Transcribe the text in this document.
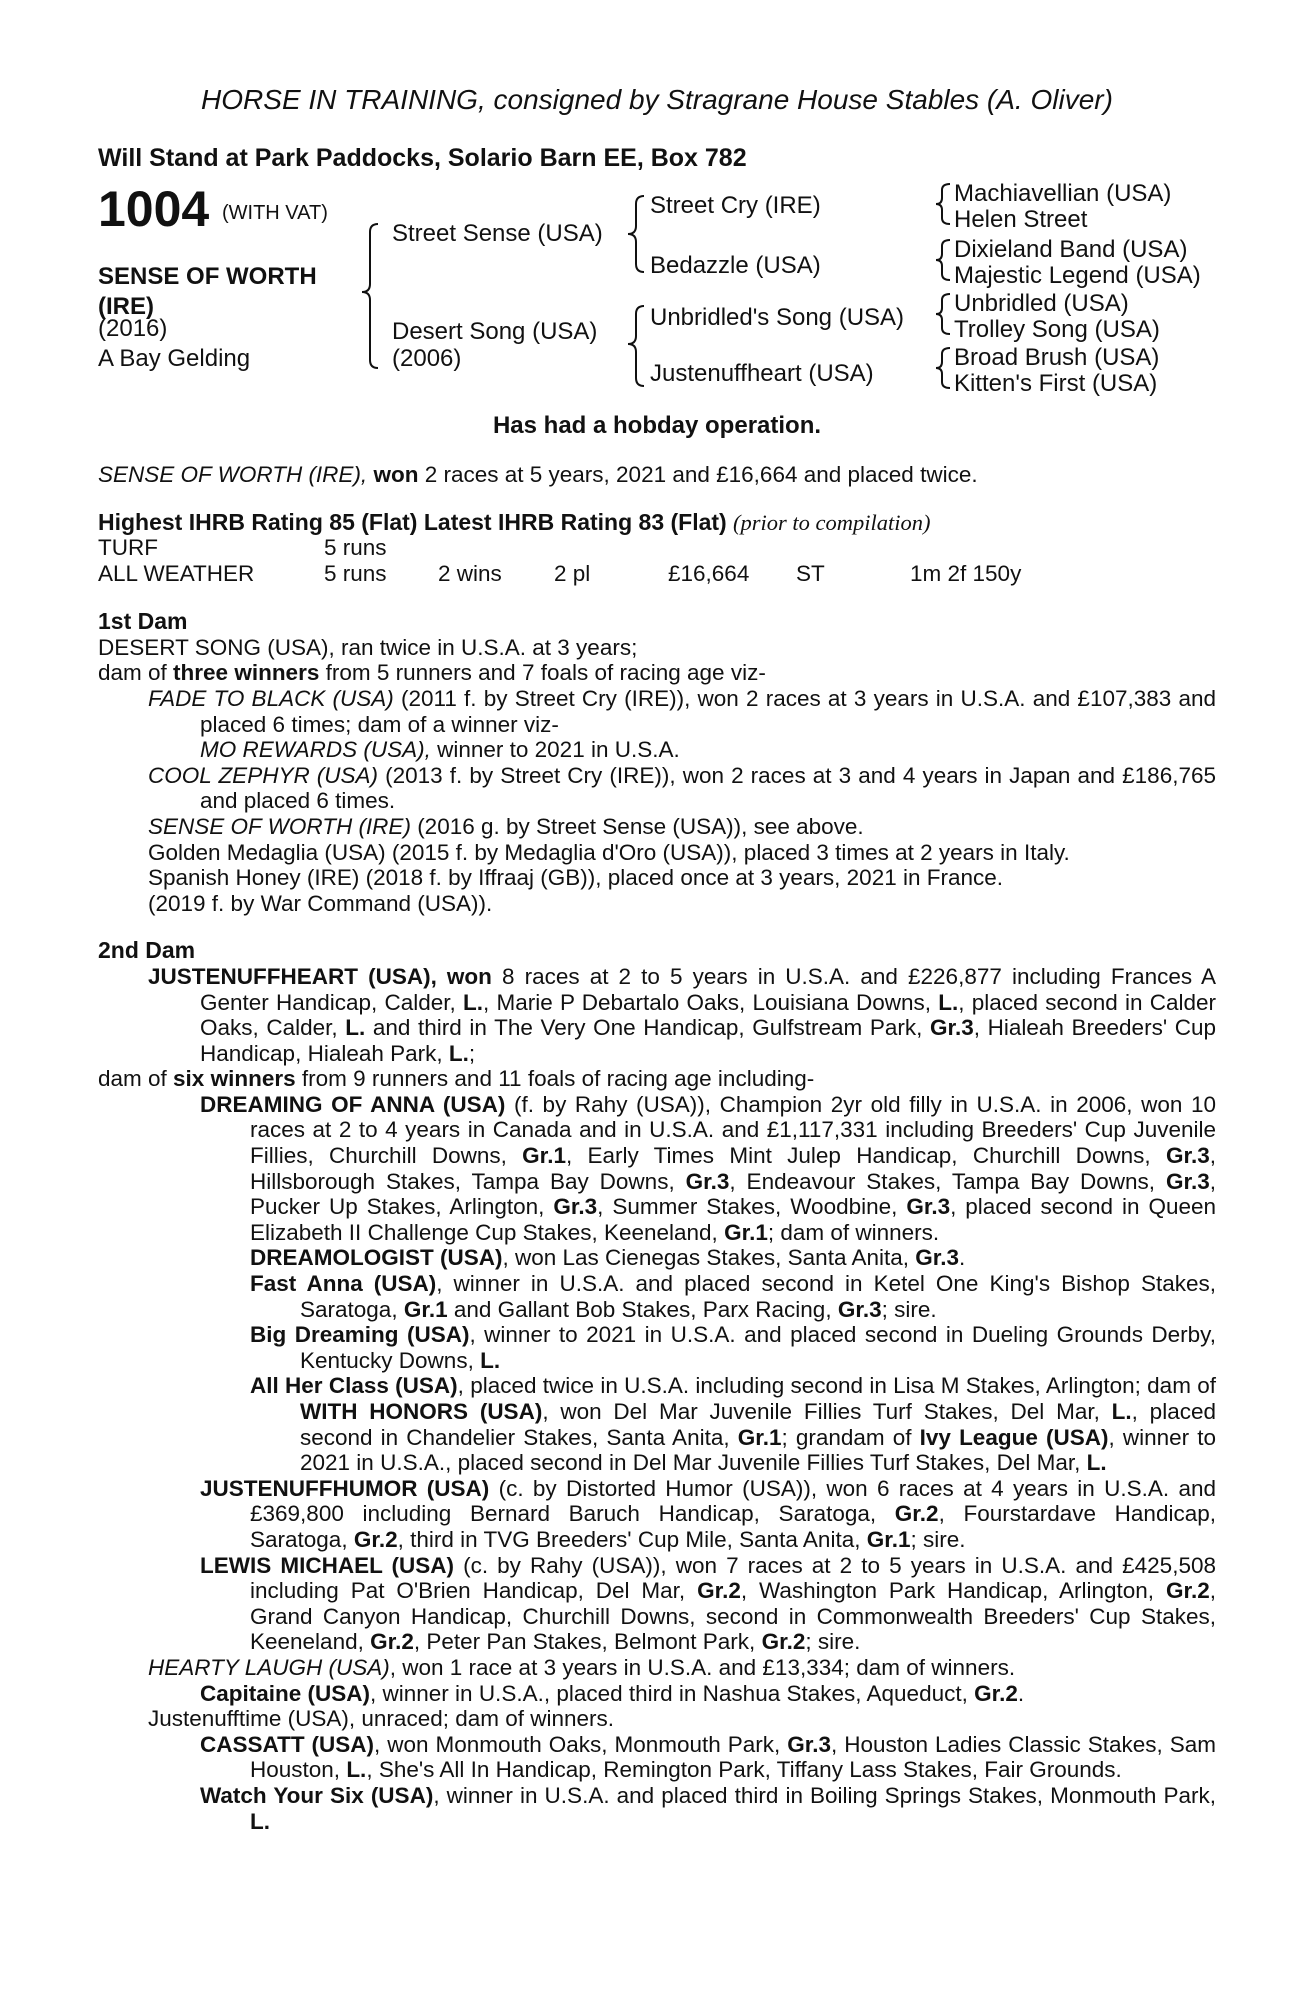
HORSE IN TRAINING, consigned by Stragrane House Stables (A. Oliver)
Will Stand at Park Paddocks, Solario Barn EE, Box 782
1004 (WITH VAT)
SENSE OF WORTH
(IRE)
(2016)
A Bay Gelding
Street Sense (USA)
Desert Song (USA)
(2006)
Street Cry (IRE)
Bedazzle (USA)
Unbridled's Song (USA)
Justenuffheart (USA)
Machiavellian (USA)
Helen Street
Dixieland Band (USA)
Majestic Legend (USA)
Unbridled (USA)
Trolley Song (USA)
Broad Brush (USA)
Kitten's First (USA)
Has had a hobday operation.

SENSE OF WORTH (IRE), won 2 races at 5 years, 2021 and £16,664 and placed twice.

Highest IHRB Rating 85 (Flat) Latest IHRB Rating 83 (Flat) (prior to compilation)

TURF	5 runs					
ALL WEATHER	5 runs	2 wins	2 pl	£16,664	ST	1m 2f 150y

1st Dam

DESERT SONG (USA), ran twice in U.S.A. at 3 years;

dam of three winners from 5 runners and 7 foals of racing age viz-

FADE TO BLACK (USA) (2011 f. by Street Cry (IRE)), won 2 races at 3 years in U.S.A. and £107,383 and placed 6 times; dam of a winner viz-

MO REWARDS (USA), winner to 2021 in U.S.A.

COOL ZEPHYR (USA) (2013 f. by Street Cry (IRE)), won 2 races at 3 and 4 years in Japan and £186,765 and placed 6 times.

SENSE OF WORTH (IRE) (2016 g. by Street Sense (USA)), see above.

Golden Medaglia (USA) (2015 f. by Medaglia d'Oro (USA)), placed 3 times at 2 years in Italy.

Spanish Honey (IRE) (2018 f. by Iffraaj (GB)), placed once at 3 years, 2021 in France.

(2019 f. by War Command (USA)).

2nd Dam

JUSTENUFFHEART (USA), won 8 races at 2 to 5 years in U.S.A. and £226,877 including Frances A Genter Handicap, Calder, L., Marie P Debartalo Oaks, Louisiana Downs, L., placed second in Calder Oaks, Calder, L. and third in The Very One Handicap, Gulfstream Park, Gr.3, Hialeah Breeders' Cup Handicap, Hialeah Park, L.;

dam of six winners from 9 runners and 11 foals of racing age including-

DREAMING OF ANNA (USA) (f. by Rahy (USA)), Champion 2yr old filly in U.S.A. in 2006, won 10 races at 2 to 4 years in Canada and in U.S.A. and £1,117,331 including Breeders' Cup Juvenile Fillies, Churchill Downs, Gr.1, Early Times Mint Julep Handicap, Churchill Downs, Gr.3, Hillsborough Stakes, Tampa Bay Downs, Gr.3, Endeavour Stakes, Tampa Bay Downs, Gr.3, Pucker Up Stakes, Arlington, Gr.3, Summer Stakes, Woodbine, Gr.3, placed second in Queen Elizabeth II Challenge Cup Stakes, Keeneland, Gr.1; dam of winners.

DREAMOLOGIST (USA), won Las Cienegas Stakes, Santa Anita, Gr.3.

Fast Anna (USA), winner in U.S.A. and placed second in Ketel One King's Bishop Stakes, Saratoga, Gr.1 and Gallant Bob Stakes, Parx Racing, Gr.3; sire.

Big Dreaming (USA), winner to 2021 in U.S.A. and placed second in Dueling Grounds Derby, Kentucky Downs, L.

All Her Class (USA), placed twice in U.S.A. including second in Lisa M Stakes, Arlington; dam of WITH HONORS (USA), won Del Mar Juvenile Fillies Turf Stakes, Del Mar, L., placed second in Chandelier Stakes, Santa Anita, Gr.1; grandam of Ivy League (USA), winner to 2021 in U.S.A., placed second in Del Mar Juvenile Fillies Turf Stakes, Del Mar, L.

JUSTENUFFHUMOR (USA) (c. by Distorted Humor (USA)), won 6 races at 4 years in U.S.A. and £369,800 including Bernard Baruch Handicap, Saratoga, Gr.2, Fourstardave Handicap, Saratoga, Gr.2, third in TVG Breeders' Cup Mile, Santa Anita, Gr.1; sire.

LEWIS MICHAEL (USA) (c. by Rahy (USA)), won 7 races at 2 to 5 years in U.S.A. and £425,508 including Pat O'Brien Handicap, Del Mar, Gr.2, Washington Park Handicap, Arlington, Gr.2, Grand Canyon Handicap, Churchill Downs, second in Commonwealth Breeders' Cup Stakes, Keeneland, Gr.2, Peter Pan Stakes, Belmont Park, Gr.2; sire.

HEARTY LAUGH (USA), won 1 race at 3 years in U.S.A. and £13,334; dam of winners.

Capitaine (USA), winner in U.S.A., placed third in Nashua Stakes, Aqueduct, Gr.2.

Justenufftime (USA), unraced; dam of winners.

CASSATT (USA), won Monmouth Oaks, Monmouth Park, Gr.3, Houston Ladies Classic Stakes, Sam Houston, L., She's All In Handicap, Remington Park, Tiffany Lass Stakes, Fair Grounds.

Watch Your Six (USA), winner in U.S.A. and placed third in Boiling Springs Stakes, Monmouth Park, L.
